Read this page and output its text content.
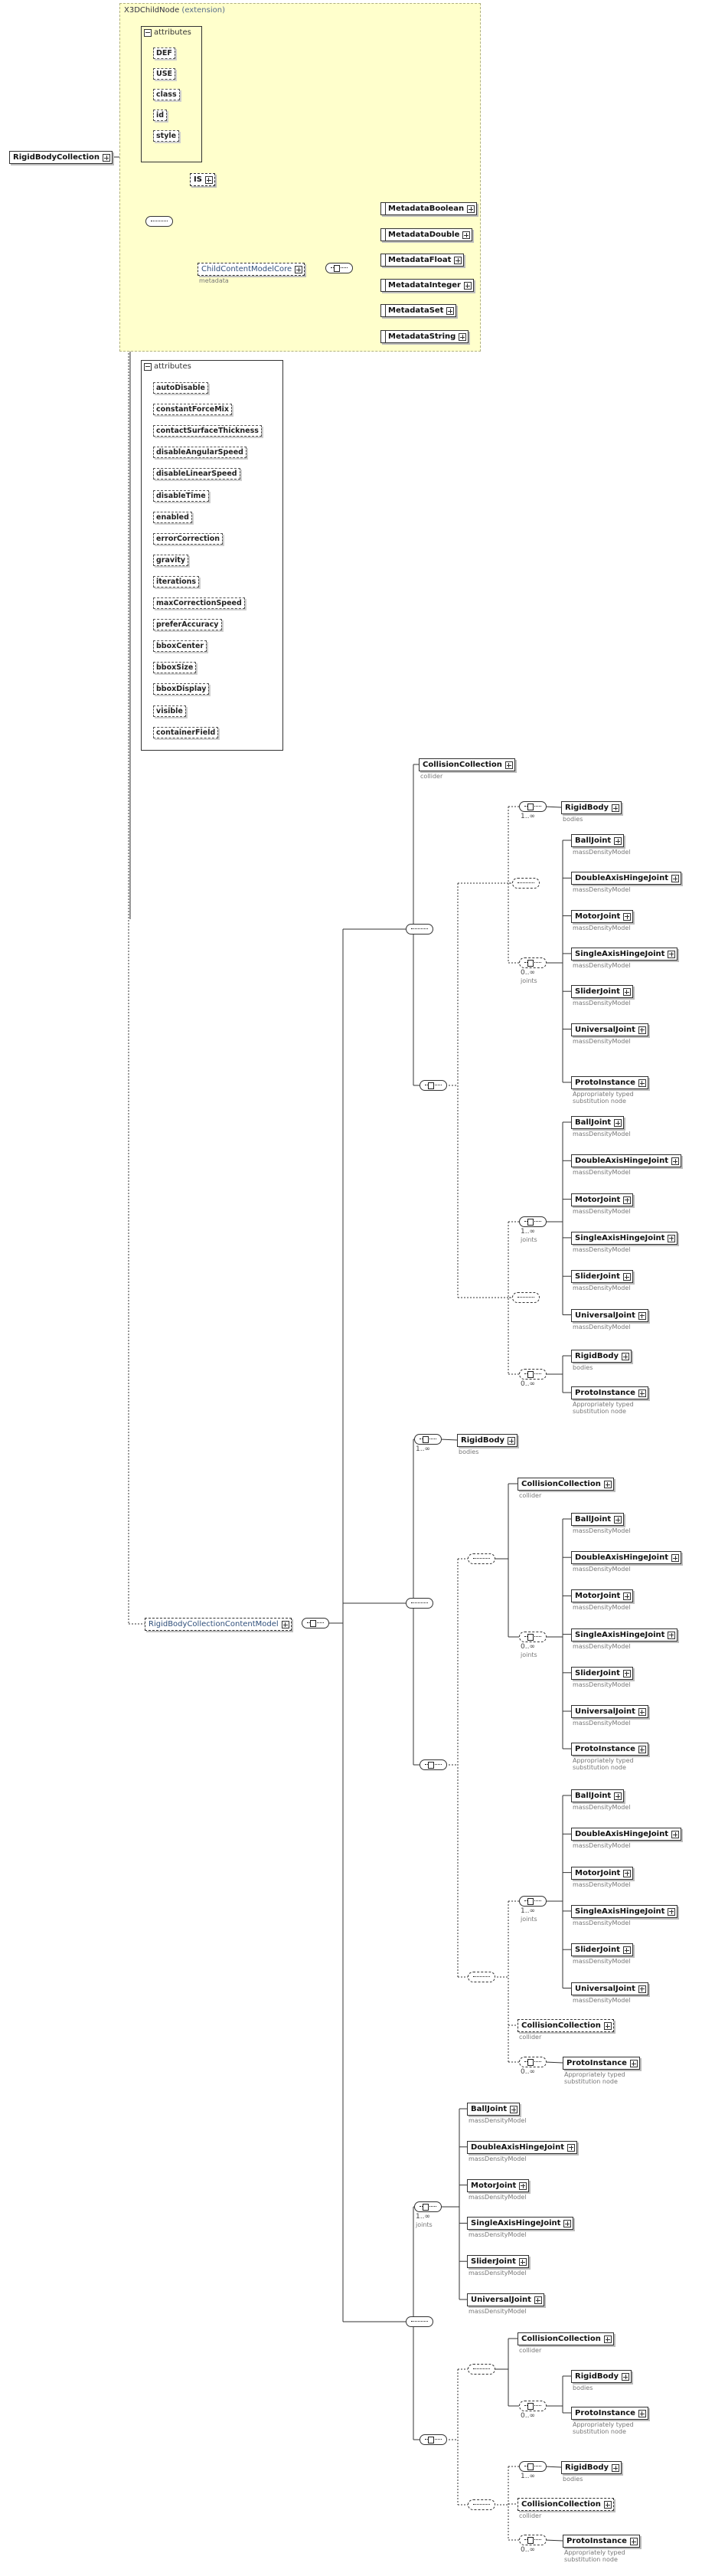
RigidBodyCollection
X3DChildNode (extension)
attributes
DEF
USE
class
id
style
IS
ChildContentModelCore
metadata
MetadataBoolean
MetadataDouble
MetadataFloat
MetadataInteger
MetadataSet
MetadataString
attributes
autoDisable
constantForceMix
contactSurfaceThickness
disableAngularSpeed
disableLinearSpeed
disableTime
enabled
errorCorrection
gravity
iterations
maxCorrectionSpeed
preferAccuracy
bboxCenter
bboxSize
bboxDisplay
visible
containerField
RigidBodyCollectionContentModel
CollisionCollection
collider
1..∞
RigidBody
bodies
0..∞
joints
BallJoint
massDensityModel
DoubleAxisHingeJoint
massDensityModel
MotorJoint
massDensityModel
SingleAxisHingeJoint
massDensityModel
SliderJoint
massDensityModel
UniversalJoint
massDensityModel
ProtoInstance
Appropriately typed
substitution node
1..∞
joints
BallJoint
massDensityModel
DoubleAxisHingeJoint
massDensityModel
MotorJoint
massDensityModel
SingleAxisHingeJoint
massDensityModel
SliderJoint
massDensityModel
UniversalJoint
massDensityModel
0..∞
RigidBody
bodies
ProtoInstance
Appropriately typed
substitution node
1..∞
RigidBody
bodies
CollisionCollection
collider
0..∞
joints
BallJoint
massDensityModel
DoubleAxisHingeJoint
massDensityModel
MotorJoint
massDensityModel
SingleAxisHingeJoint
massDensityModel
SliderJoint
massDensityModel
UniversalJoint
massDensityModel
ProtoInstance
Appropriately typed
substitution node
1..∞
joints
BallJoint
massDensityModel
DoubleAxisHingeJoint
massDensityModel
MotorJoint
massDensityModel
SingleAxisHingeJoint
massDensityModel
SliderJoint
massDensityModel
UniversalJoint
massDensityModel
CollisionCollection
collider
0..∞
ProtoInstance
Appropriately typed
substitution node
1..∞
joints
BallJoint
massDensityModel
DoubleAxisHingeJoint
massDensityModel
MotorJoint
massDensityModel
SingleAxisHingeJoint
massDensityModel
SliderJoint
massDensityModel
UniversalJoint
massDensityModel
CollisionCollection
collider
0..∞
RigidBody
bodies
ProtoInstance
Appropriately typed
substitution node
1..∞
RigidBody
bodies
CollisionCollection
collider
0..∞
ProtoInstance
Appropriately typed
substitution node
